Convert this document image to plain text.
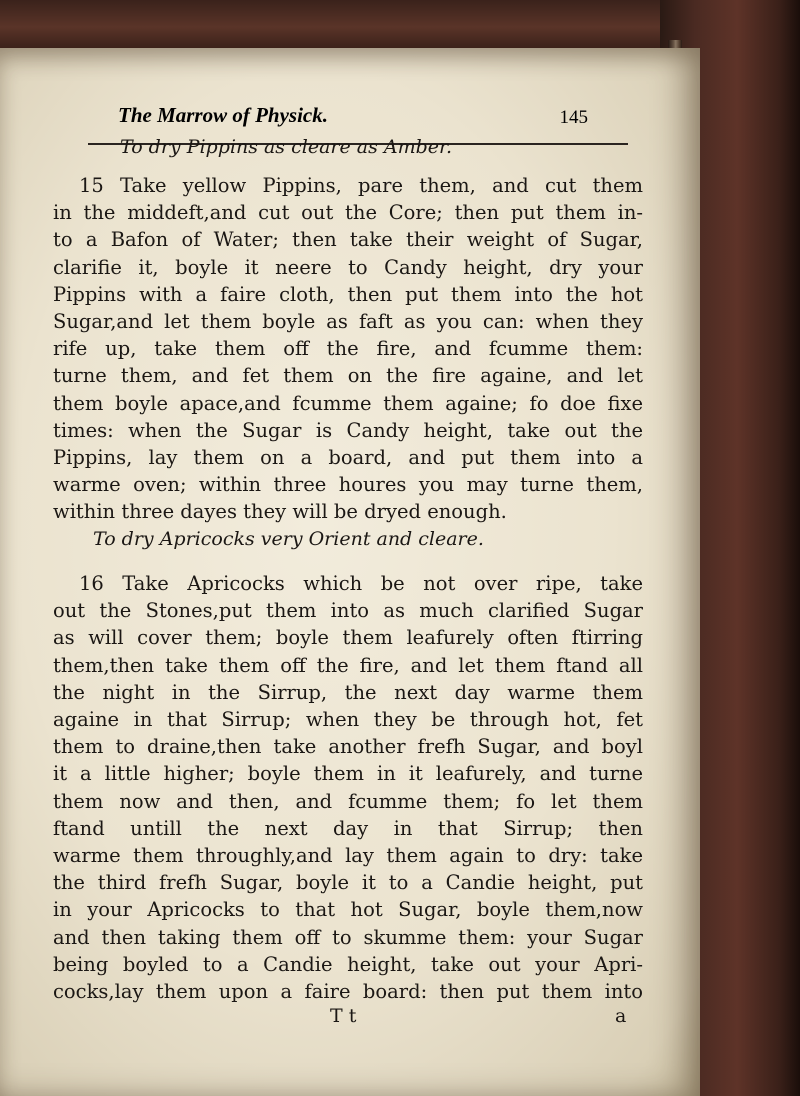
The Marrow of Physick.	145
To dry Pippins as cleare as Amber.
15 Take yellow Pippins, pare them, and cut them
in the middeft,and cut out the Core; then put them in-
to a Bafon of Water; then take their weight of Sugar,
clarifie it, boyle it neere to Candy height, dry your
Pippins with a faire cloth, then put them into the hot
Sugar,and let them boyle as faft as you can: when they
rife up, take them off the fire, and fcumme them:
turne them, and fet them on the fire againe, and let
them boyle apace,and fcumme them againe; fo doe fixe
times: when the Sugar is Candy height, take out the
Pippins, lay them on a board, and put them into a
warme oven; within three houres you may turne them,
within three dayes they will be dryed enough.
To dry Apricocks very Orient and cleare.
16 Take Apricocks which be not over ripe, take
out the Stones,put them into as much clarified Sugar
as will cover them; boyle them leafurely often ftirring
them,then take them off the fire, and let them ftand all
the night in the Sirrup, the next day warme them
againe in that Sirrup; when they be through hot, fet
them to draine,then take another frefh Sugar, and boyl
it a little higher; boyle them in it leafurely, and turne
them now and then, and fcumme them; fo let them
ftand untill the next day in that Sirrup; then
warme them throughly,and lay them again to dry: take
the third frefh Sugar, boyle it to a Candie height, put
in your Apricocks to that hot Sugar, boyle them,now
and then taking them off to skumme them: your Sugar
being boyled to a Candie height, take out your Apri-
cocks,lay them upon a faire board: then put them into
T t	a
